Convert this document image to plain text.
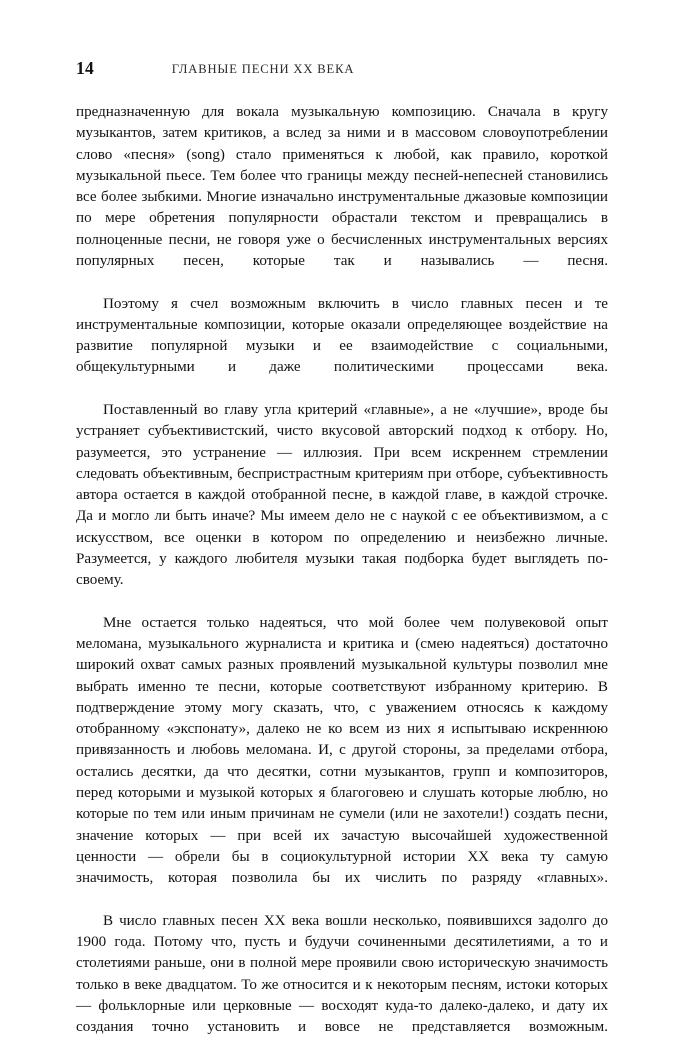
14	ГЛАВНЫЕ ПЕСНИ XX ВЕКА

предназначенную для вокала музыкальную композицию. Сначала в кругу музыкантов, затем критиков, а вслед за ними и в массовом словоупотреблении слово «песня» (song) стало применяться к любой, как правило, короткой музыкальной пьесе. Тем более что границы между песней-непесней становились все более зыбкими. Многие изначально инструментальные джазовые композиции по мере обретения популярности обрастали текстом и превращались в полноценные песни, не говоря уже о бесчисленных инструментальных версиях популярных песен, которые так и назывались — песня.

Поэтому я счел возможным включить в число главных песен и те инструментальные композиции, которые оказали определяющее воздействие на развитие популярной музыки и ее взаимодействие с социальными, общекультурными и даже политическими процессами века.

Поставленный во главу угла критерий «главные», а не «лучшие», вроде бы устраняет субъективистский, чисто вкусовой авторский подход к отбору. Но, разумеется, это устранение — иллюзия. При всем искреннем стремлении следовать объективным, беспристрастным критериям при отборе, субъективность автора остается в каждой отобранной песне, в каждой главе, в каждой строчке. Да и могло ли быть иначе? Мы имеем дело не с наукой с ее объективизмом, а с искусством, все оценки в котором по определению и неизбежно личные. Разумеется, у каждого любителя музыки такая подборка будет выглядеть по-своему.

Мне остается только надеяться, что мой более чем полувековой опыт меломана, музыкального журналиста и критика и (смею надеяться) достаточно широкий охват самых разных проявлений музыкальной культуры позволил мне выбрать именно те песни, которые соответствуют избранному критерию. В подтверждение этому могу сказать, что, с уважением относясь к каждому отобранному «экспонату», далеко не ко всем из них я испытываю искреннюю привязанность и любовь меломана. И, с другой стороны, за пределами отбора, остались десятки, да что десятки, сотни музыкантов, групп и композиторов, перед которыми и музыкой которых я благоговею и слушать которые люблю, но которые по тем или иным причинам не сумели (или не захотели!) создать песни, значение которых — при всей их зачастую высочайшей художественной ценности — обрели бы в социокультурной истории XX века ту самую значимость, которая позволила бы их числить по разряду «главных».

В число главных песен XX века вошли несколько, появившихся задолго до 1900 года. Потому что, пусть и будучи сочиненными десятилетиями, а то и столетиями раньше, они в полной мере проявили свою историческую значимость только в веке двадцатом. То же относится и к некоторым песням, истоки которых — фольклорные или церковные — восходят куда-то далеко-далеко, и дату их создания точно установить и вовсе не представляется возможным.
